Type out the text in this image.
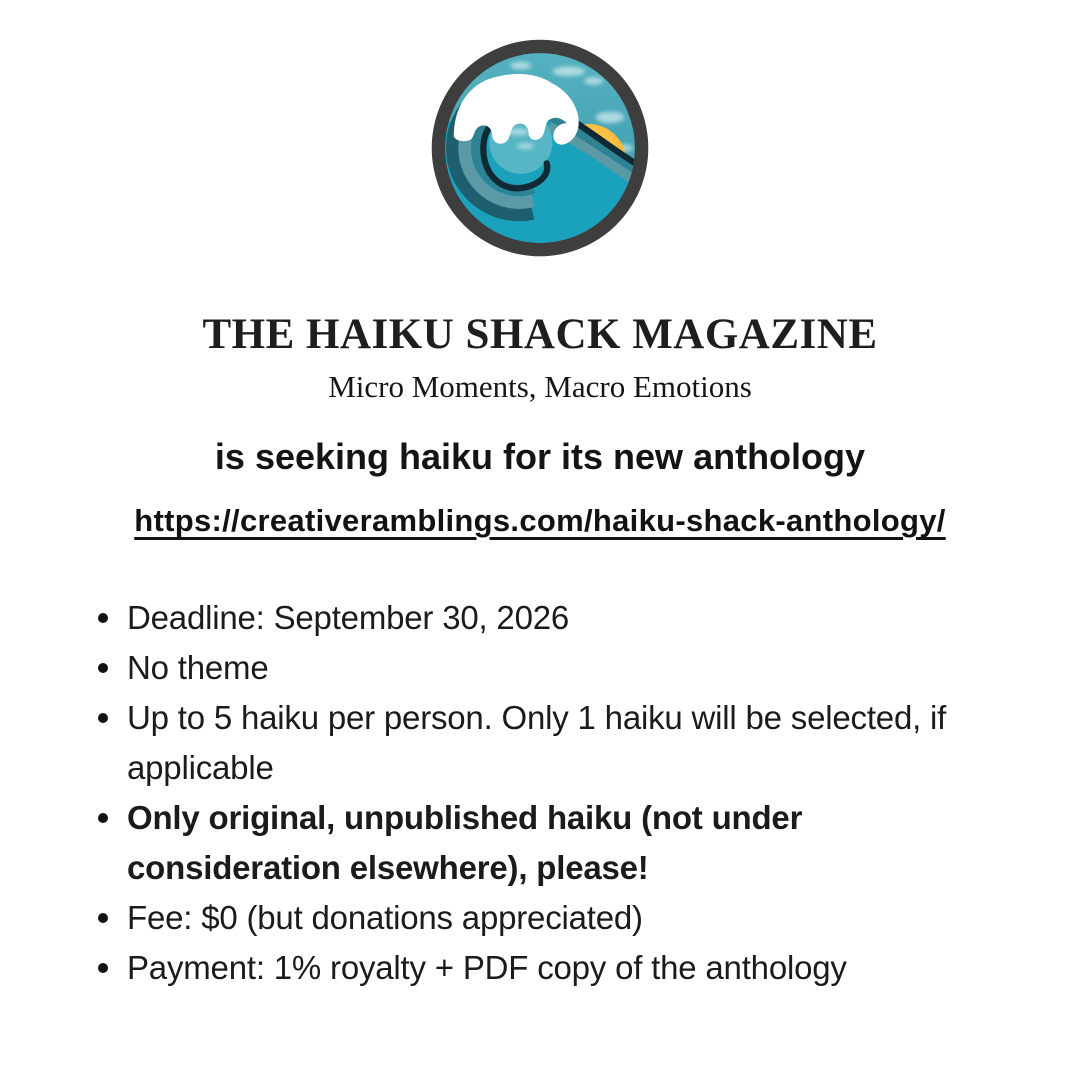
THE HAIKU SHACK MAGAZINE
Micro Moments, Macro Emotions
is seeking haiku for its new anthology
https://creativeramblings.com/haiku-shack-anthology/
Deadline: September 30, 2026
No theme
Up to 5 haiku per person. Only 1 haiku will be selected, if applicable
Only original, unpublished haiku (not under consideration elsewhere), please!
Fee: $0 (but donations appreciated)
Payment: 1% royalty + PDF copy of the anthology
